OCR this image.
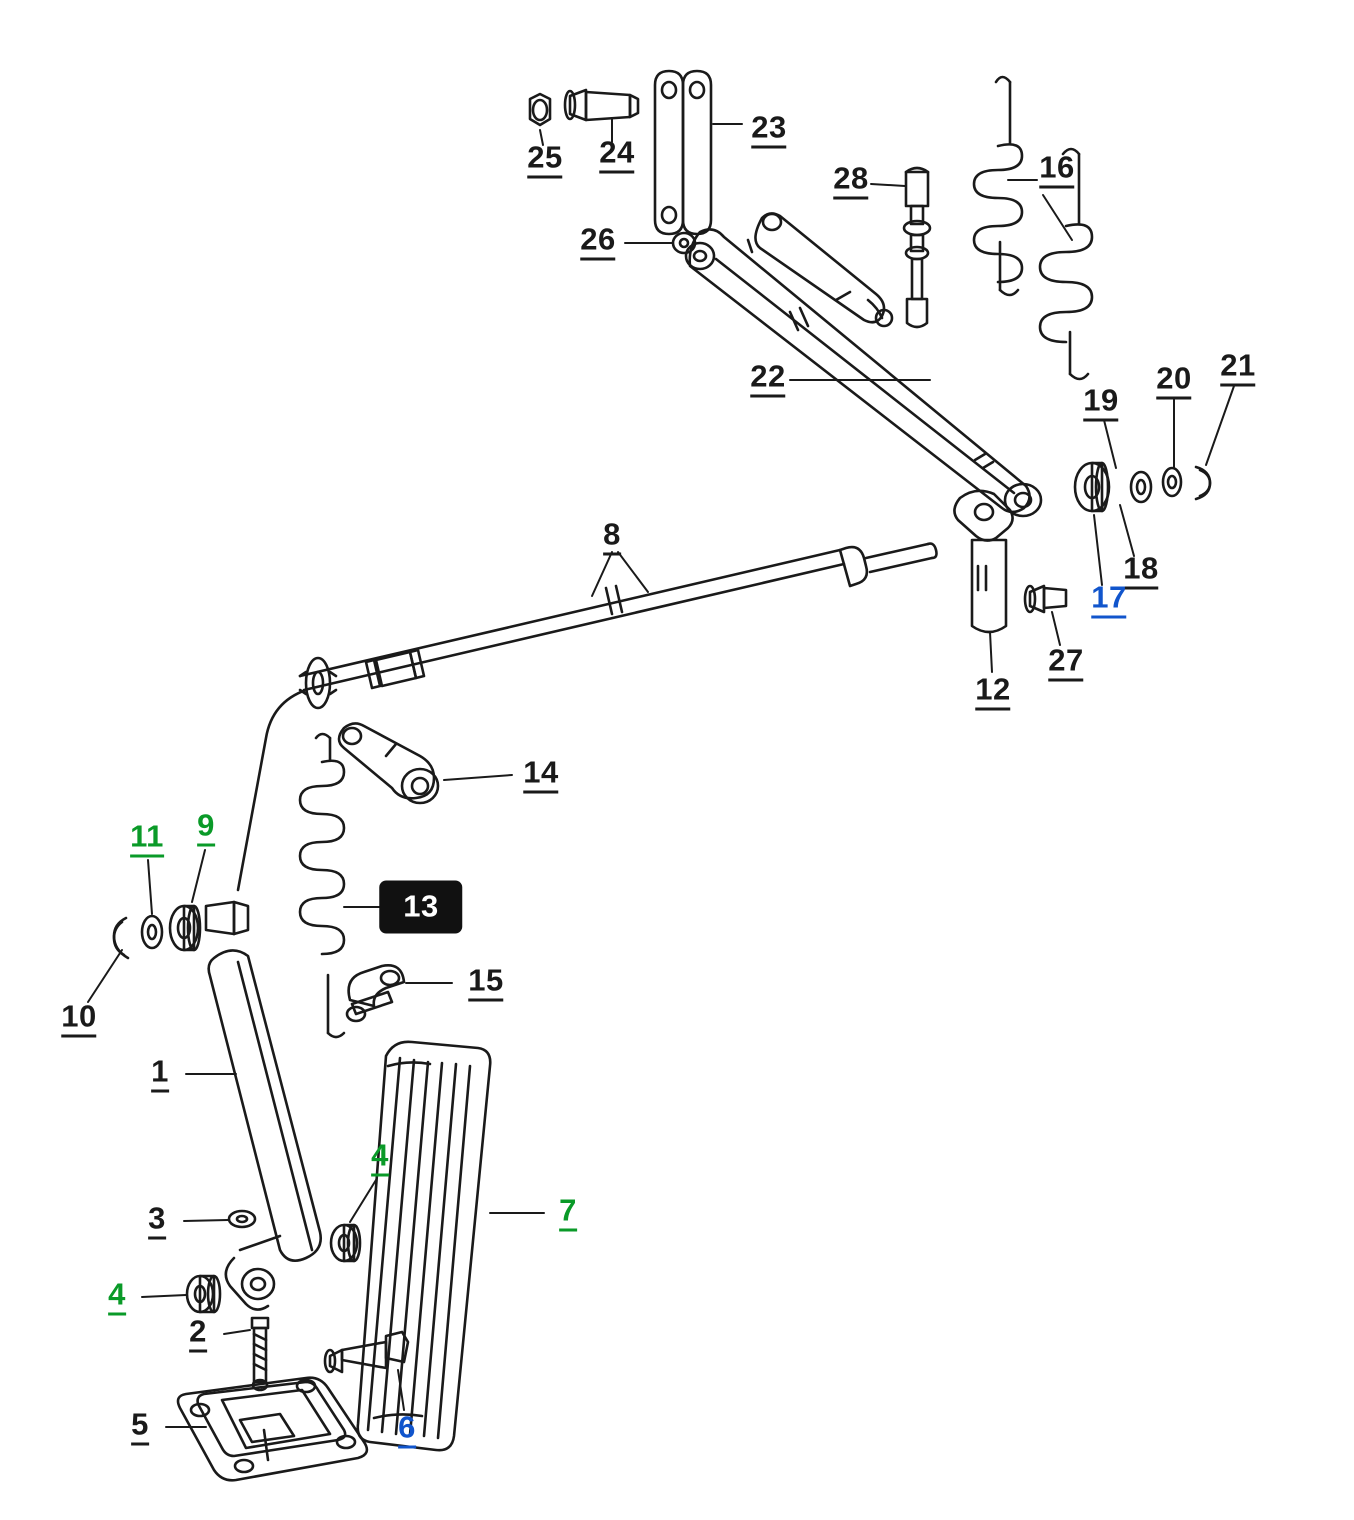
25 24
23
28	16
26
22
19
20 21
18
17
8
12
27
14
11 9
13
15
10
1
4
7
3
4
2
5	6
